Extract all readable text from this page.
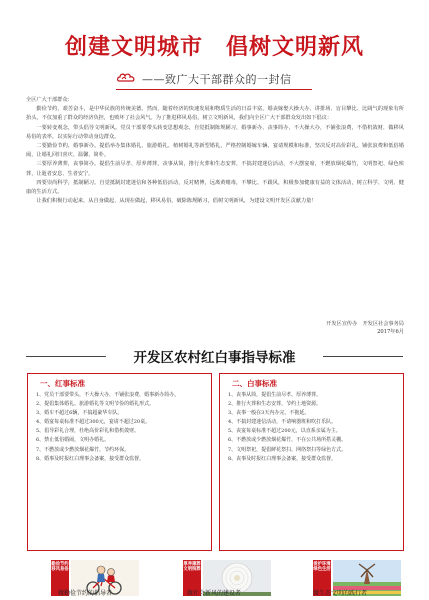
创建文明城市　倡树文明新风
——致广大干部群众的一封信

全区广大干部群众：

勤俭节约，艰苦奋斗，是中华民族的传统美德。然而，随着经济的快速发展和物质生活的日益丰富，婚丧嫁娶大操大办、讲排场、盲目攀比、比阔气的现象有所抬头，不仅加重了群众的经济负担，也败坏了社会风气。为了推进移风易俗，树立文明新风，我们向全区广大干部群众发出如下倡议：

一要转变观念，带头倡导文明新风。党员干部要带头转变思想观念，自觉抵制陈规陋习，婚事新办、丧事简办，不大操大办，不铺张浪费，不借机敛财，做移风易俗的表率，以实际行动带动身边群众。

二要勤俭节约，婚事新办。提倡举办集体婚礼、旅游婚礼、植树婚礼等新型婚礼，严格控制婚嫁车辆、宴请规模和标准，坚决反对高价彩礼、铺张浪费和低俗婚闹，让婚礼回归喜庆、温馨、简朴。

三要厚养薄葬，丧事简办。提倡生前尽孝、厚养薄葬，丧事从简，推行火葬和生态安葬，不搞封建迷信活动，不大摆宴席，不燃放烟花爆竹，文明祭祀、绿色殡葬，让逝者安息、生者安宁。

四要崇尚科学，抵制陋习。自觉抵制封建迷信和各种低俗活动，反对赌博，远离黄赌毒，不攀比、不跟风，积极参加健康有益的文体活动，树立科学、文明、健康的生活方式。

让我们积极行动起来，从自身做起、从现在做起，移风易俗，破除陈规陋习，倡树文明新风，为建设文明开发区贡献力量！

开发区宣传办　开发区社会事务局
2017年6月
开发区农村红白事指导标准
一、红事标准

1、党员干部要带头，不大操大办，不铺张浪费，婚事新办简办。

2、提倡集体婚礼、旅游婚礼等文明节俭的婚礼形式。

3、婚车不超过6辆，不搞超豪华车队。

4、婚宴每桌标准不超过300元，宴请不超过20桌。

5、倡导彩礼合理，杜绝高价彩礼和借机敛财。

6、禁止低俗婚闹，文明办婚礼。

7、不燃放或少燃放烟花爆竹，节约环保。

8、婚事及时报红白理事会备案，接受群众监督。

二、白事标准

1、丧事从简，提倡生前尽孝、厚养薄葬。

2、推行火葬和生态安葬，节约土地资源。

3、丧事一般在3天内办完，不拖延。

4、不搞封建迷信活动，不请响器班和吹打乐队。

5、丧宴每桌标准不超过200元，以直系亲属为主。

6、不燃放或少燃放烟花爆竹，不在公共场所搭灵棚。

7、文明祭祀，提倡鲜花祭扫、网络祭扫等绿色方式。

8、丧事及时报红白理事会备案，接受群众监督。

勤俭节约 移风易俗
厚养薄葬 文明殡葬
爱护环境 绿色生活
做勤俭节约的倡导者	做社会新风的建设者	做生态文明的践行者
